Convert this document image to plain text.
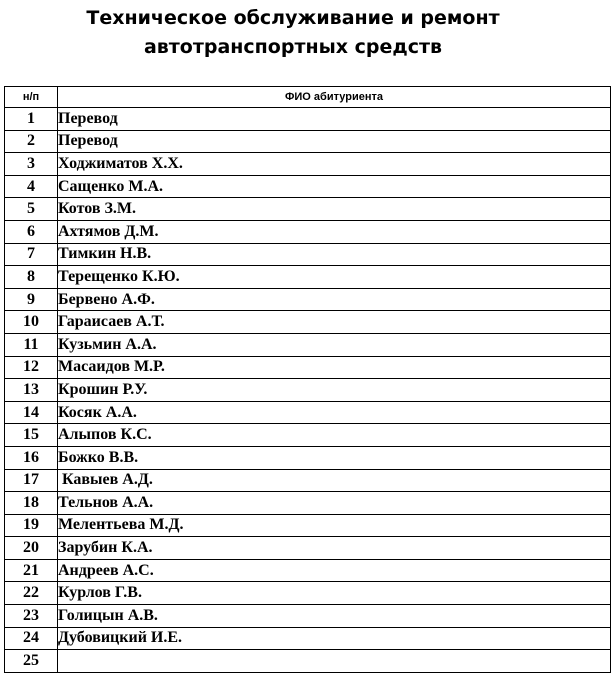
Техническое обслуживание и ремонт
автотранспортных средств
н/п	ФИО абитуриента
1	Перевод
2	Перевод
3	Ходжиматов Х.Х.
4	Сащенко М.А.
5	Котов З.М.
6	Ахтямов Д.М.
7	Тимкин Н.В.
8	Терещенко К.Ю.
9	Бервено А.Ф.
10	Гараисаев А.Т.
11	Кузьмин А.А.
12	Масаидов М.Р.
13	Крошин Р.У.
14	Косяк А.А.
15	Алыпов К.С.
16	Божко В.В.
17	Кавыев А.Д.
18	Тельнов А.А.
19	Мелентьева М.Д.
20	Зарубин К.А.
21	Андреев А.С.
22	Курлов Г.В.
23	Голицын А.В.
24	Дубовицкий И.Е.
25	
